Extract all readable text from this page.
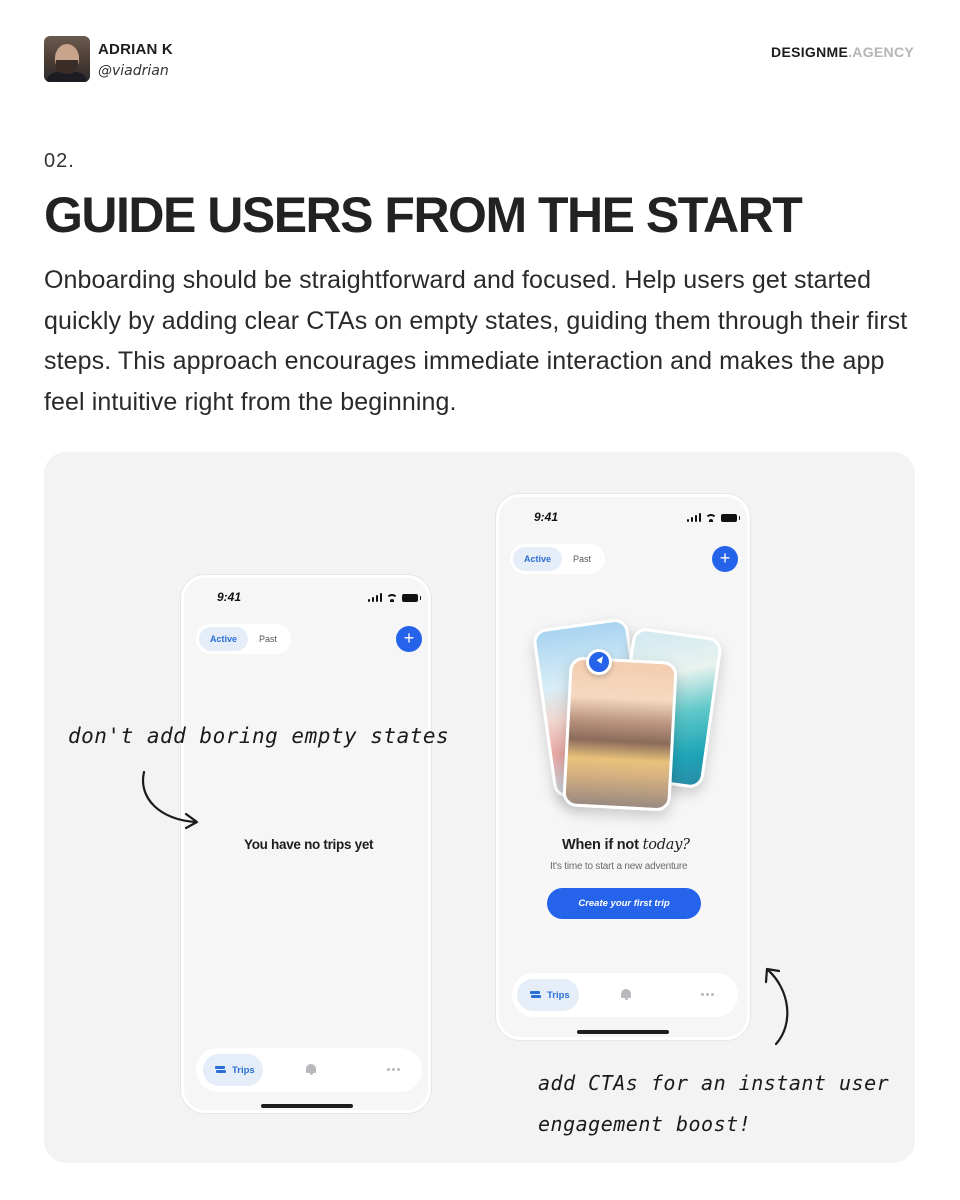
ADRIAN K
@viadrian
DESIGNME.AGENCY
02.
GUIDE USERS FROM THE START
Onboarding should be straightforward and focused. Help users get started quickly by adding clear CTAs on empty states, guiding them through their first steps. This approach encourages immediate interaction and makes the app feel intuitive right from the beginning.
9:41
Active	Past	+
You have no trips yet
Trips
9:41
Active	Past	+
When if not today?
It's time to start a new adventure
Create your first trip
Trips
don't add boring empty states
add CTAs for an instant user
engagement boost!
